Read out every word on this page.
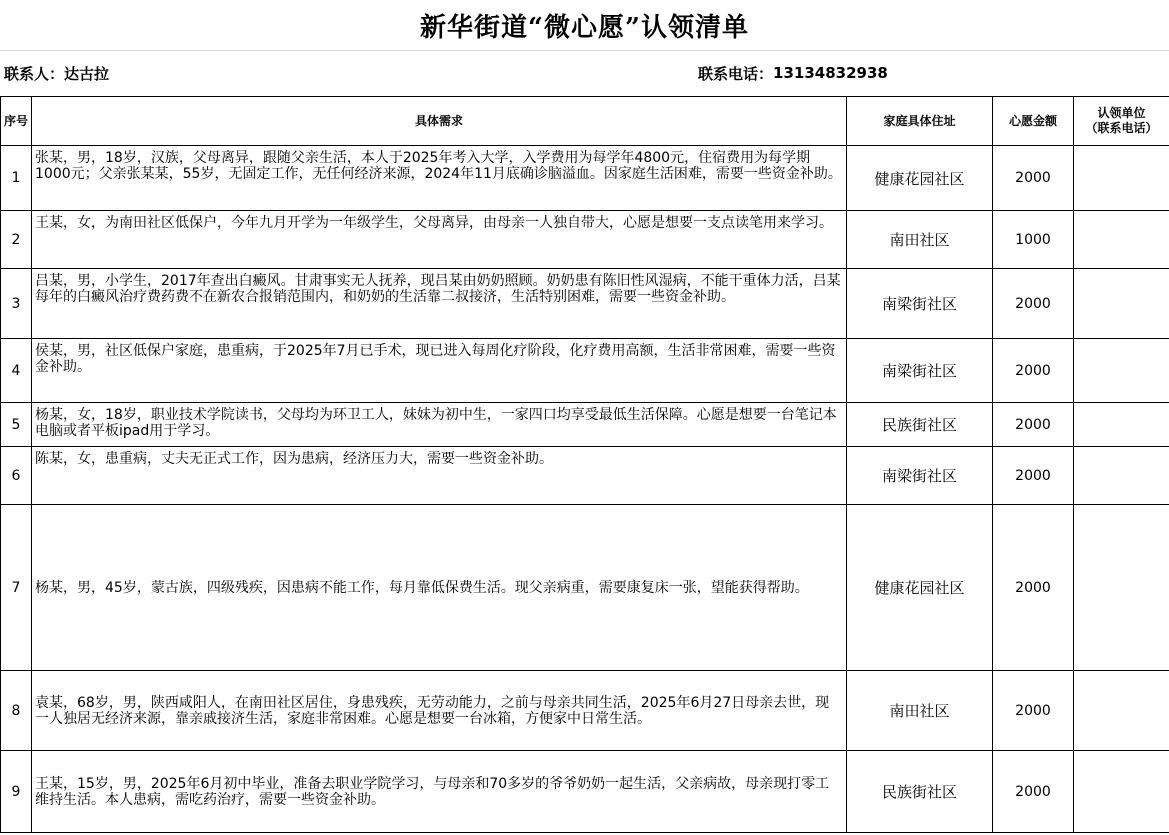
新华街道“微心愿”认领清单
联系人： 达古拉	联系电话： 13134832938
序号	具体需求	家庭具体住址	心愿金额	认领单位
（联系电话）

1	张某，男，18岁，汉族，父母离异，跟随父亲生活，本人于2025年考入大学，入学费用为每学年4800元，住宿费用为每学期1000元；父亲张某某，55岁，无固定工作，无任何经济来源，2024年11月底确诊脑溢血。因家庭生活困难，需要一些资金补助。	健康花园社区	2000	
2	王某，女，为南田社区低保户，今年九月开学为一年级学生，父母离异，由母亲一人独自带大，心愿是想要一支点读笔用来学习。	南田社区	1000	
3	吕某，男，小学生，2017年查出白癜风。甘肃事实无人抚养，现吕某由奶奶照顾。奶奶患有陈旧性风湿病，不能干重体力活，吕某每年的白癜风治疗费药费不在新农合报销范围内，和奶奶的生活靠二叔接济，生活特别困难，需要一些资金补助。	南梁街社区	2000	
4	侯某，男，社区低保户家庭，患重病，于2025年7月已手术，现已进入每周化疗阶段，化疗费用高额，生活非常困难，需要一些资金补助。	南梁街社区	2000	
5	杨某，女，18岁，职业技术学院读书，父母均为环卫工人，妹妹为初中生，一家四口均享受最低生活保障。心愿是想要一台笔记本电脑或者平板ipad用于学习。	民族街社区	2000	
6	陈某，女，患重病，丈夫无正式工作，因为患病，经济压力大，需要一些资金补助。	南梁街社区	2000	
7	杨某，男，45岁，蒙古族，四级残疾，因患病不能工作，每月靠低保费生活。现父亲病重，需要康复床一张，望能获得帮助。	健康花园社区	2000	
8	袁某，68岁，男，陕西咸阳人，在南田社区居住，身患残疾，无劳动能力，之前与母亲共同生活，2025年6月27日母亲去世，现一人独居无经济来源，靠亲戚接济生活，家庭非常困难。心愿是想要一台冰箱，方便家中日常生活。	南田社区	2000	
9	王某，15岁，男，2025年6月初中毕业，准备去职业学院学习，与母亲和70多岁的爷爷奶奶一起生活，父亲病故，母亲现打零工维持生活。本人患病，需吃药治疗，需要一些资金补助。	民族街社区	2000	
